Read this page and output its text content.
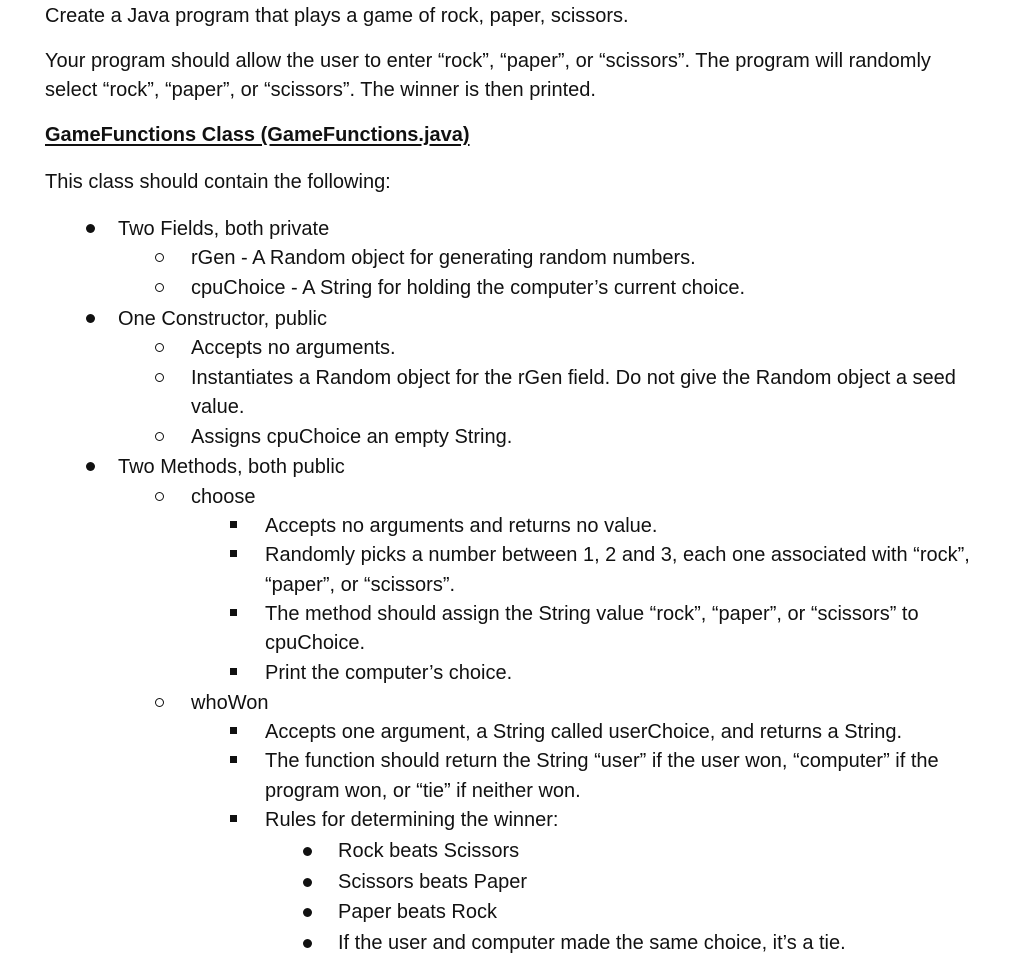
Create a Java program that plays a game of rock, paper, scissors.
Your program should allow the user to enter “rock”, “paper”, or “scissors”. The program will randomly
select “rock”, “paper”, or “scissors”. The winner is then printed.
GameFunctions Class (GameFunctions.java)
This class should contain the following:
Two Fields, both private
rGen - A Random object for generating random numbers.
cpuChoice - A String for holding the computer’s current choice.
One Constructor, public
Accepts no arguments.
Instantiates a Random object for the rGen field. Do not give the Random object a seed
value.
Assigns cpuChoice an empty String.
Two Methods, both public
choose
Accepts no arguments and returns no value.
Randomly picks a number between 1, 2 and 3, each one associated with “rock”,
“paper”, or “scissors”.
The method should assign the String value “rock”, “paper”, or “scissors” to
cpuChoice.
Print the computer’s choice.
whoWon
Accepts one argument, a String called userChoice, and returns a String.
The function should return the String “user” if the user won, “computer” if the
program won, or “tie” if neither won.
Rules for determining the winner:
Rock beats Scissors
Scissors beats Paper
Paper beats Rock
If the user and computer made the same choice, it’s a tie.
